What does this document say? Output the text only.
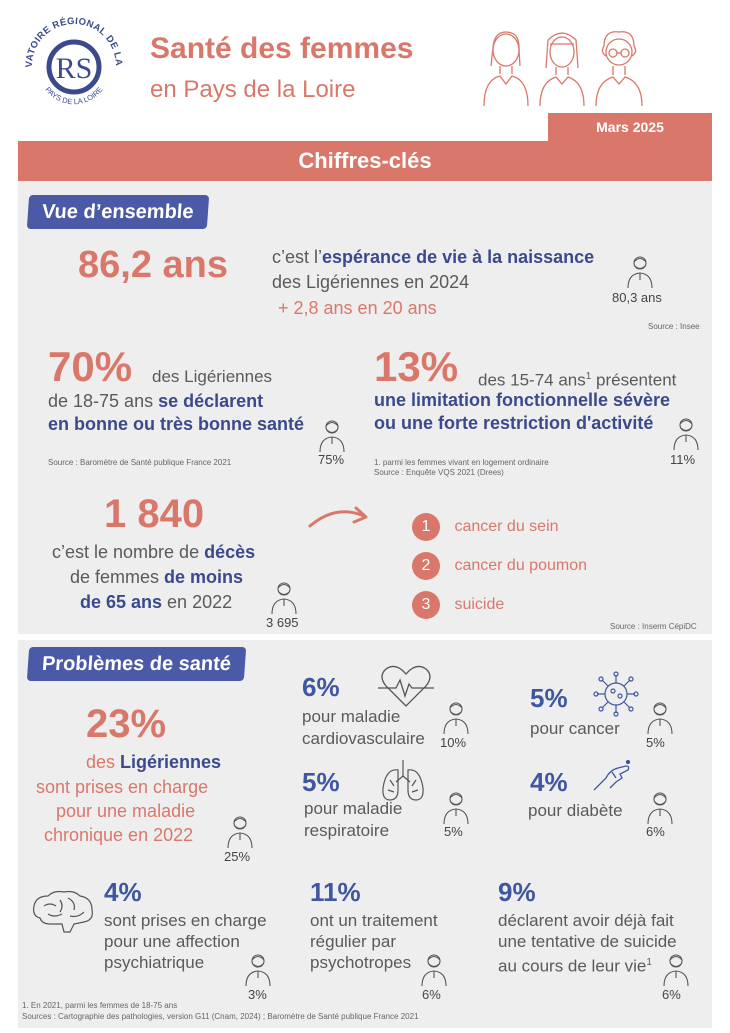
VATOIRE RÉGIONAL DE LA
PAYS DE LA LOIRE
RS
Santé des femmes
en Pays de la Loire
Mars 2025
Chiffres-clés
Vue d’ensemble
86,2 ans c’est l’espérance de vie à la naissance
des Ligériennes en 2024
+ 2,8 ans en 20 ans
80,3 ans
Source : Insee
70% des Ligériennes
de 18-75 ans se déclarent
en bonne ou très bonne santé
75%
Source : Baromètre de Santé publique France 2021
13% des 15-74 ans$^1$ présentent
une limitation fonctionnelle sévère
ou une forte restriction d'activité
11%
1. parmi les femmes vivant en logement ordinaire
Source : Enquête VQS 2021 (Drees)
1 840
c’est le nombre de décès
de femmes de moins
de 65 ans en 2022
3 695
1 cancer du sein
2 cancer du poumon
3 suicide
Source : Inserm CépiDC
Problèmes de santé
23%
des Ligériennes
sont prises en charge
pour une maladie
chronique en 2022
25%
6%
pour maladie
cardiovasculaire 10%
5%
pour cancer
5%
5%
pour maladie
respiratoire	5%
4%
pour diabète
6%
4%
sont prises en charge
pour une affection
psychiatrique
3%
11%
ont un traitement
régulier par
psychotropes
6%
9%
déclarent avoir déjà fait
une tentative de suicide
au cours de leur vie$^1$
6%
1. En 2021, parmi les femmes de 18-75 ans
Sources : Cartographie des pathologies, version G11 (Cnam, 2024) ; Baromètre de Santé publique France 2021
